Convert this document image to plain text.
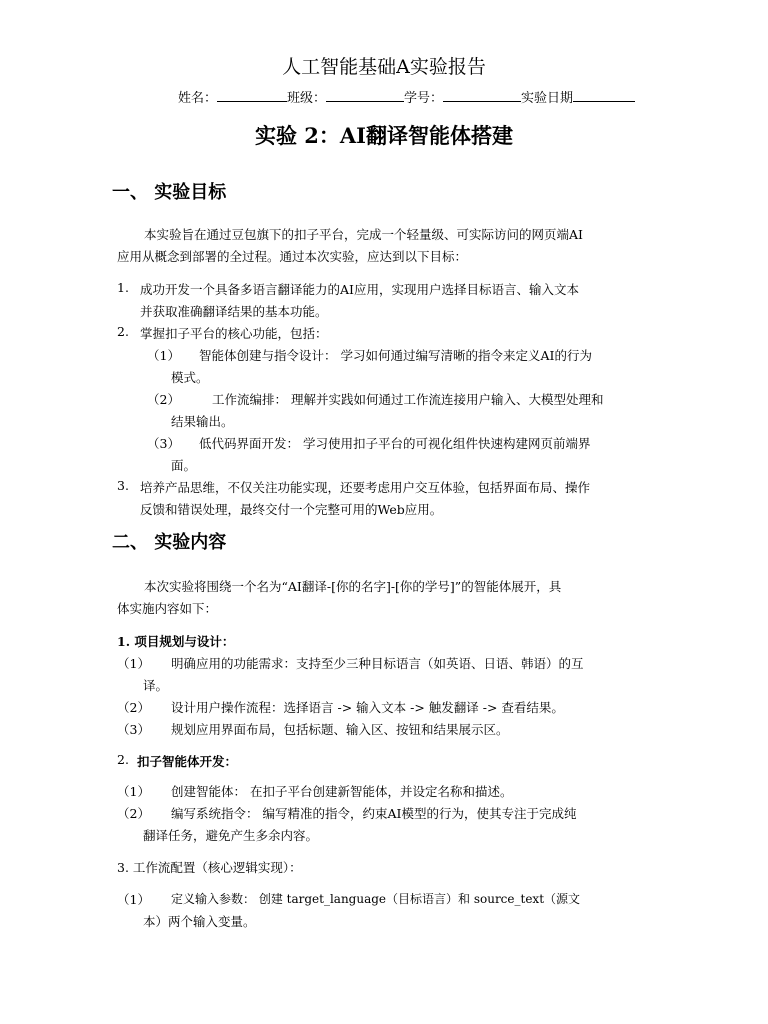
人工智能基础A实验报告
姓名：	班级：	学号：	实验日期
实验 2：AI翻译智能体搭建
一、 实验目标
本实验旨在通过豆包旗下的扣子平台，完成一个轻量级、可实际访问的网页端AI
应用从概念到部署的全过程。通过本次实验，应达到以下目标：
1. 成功开发一个具备多语言翻译能力的AI应用，实现用户选择目标语言、输入文本
并获取准确翻译结果的基本功能。
2. 掌握扣子平台的核心功能，包括：
（1） 智能体创建与指令设计： 学习如何通过编写清晰的指令来定义AI的行为
模式。
（2）	工作流编排： 理解并实践如何通过工作流连接用户输入、大模型处理和
结果输出。
（3） 低代码界面开发： 学习使用扣子平台的可视化组件快速构建网页前端界
面。
3. 培养产品思维，不仅关注功能实现，还要考虑用户交互体验，包括界面布局、操作
反馈和错误处理，最终交付一个完整可用的Web应用。
二、 实验内容
本次实验将围绕一个名为“AI翻译-[你的名字]-[你的学号]”的智能体展开，具
体实施内容如下：
1. 项目规划与设计：
（1） 明确应用的功能需求：支持至少三种目标语言（如英语、日语、韩语）的互
译。
（2） 设计用户操作流程：选择语言 -> 输入文本 -> 触发翻译 -> 查看结果。
（3） 规划应用界面布局，包括标题、输入区、按钮和结果展示区。
2. 扣子智能体开发：
（1） 创建智能体： 在扣子平台创建新智能体，并设定名称和描述。
（2） 编写系统指令： 编写精准的指令，约束AI模型的行为，使其专注于完成纯
翻译任务，避免产生多余内容。
3. 工作流配置（核心逻辑实现）：
（1） 定义输入参数： 创建 target_language（目标语言）和 source_text（源文
本）两个输入变量。
